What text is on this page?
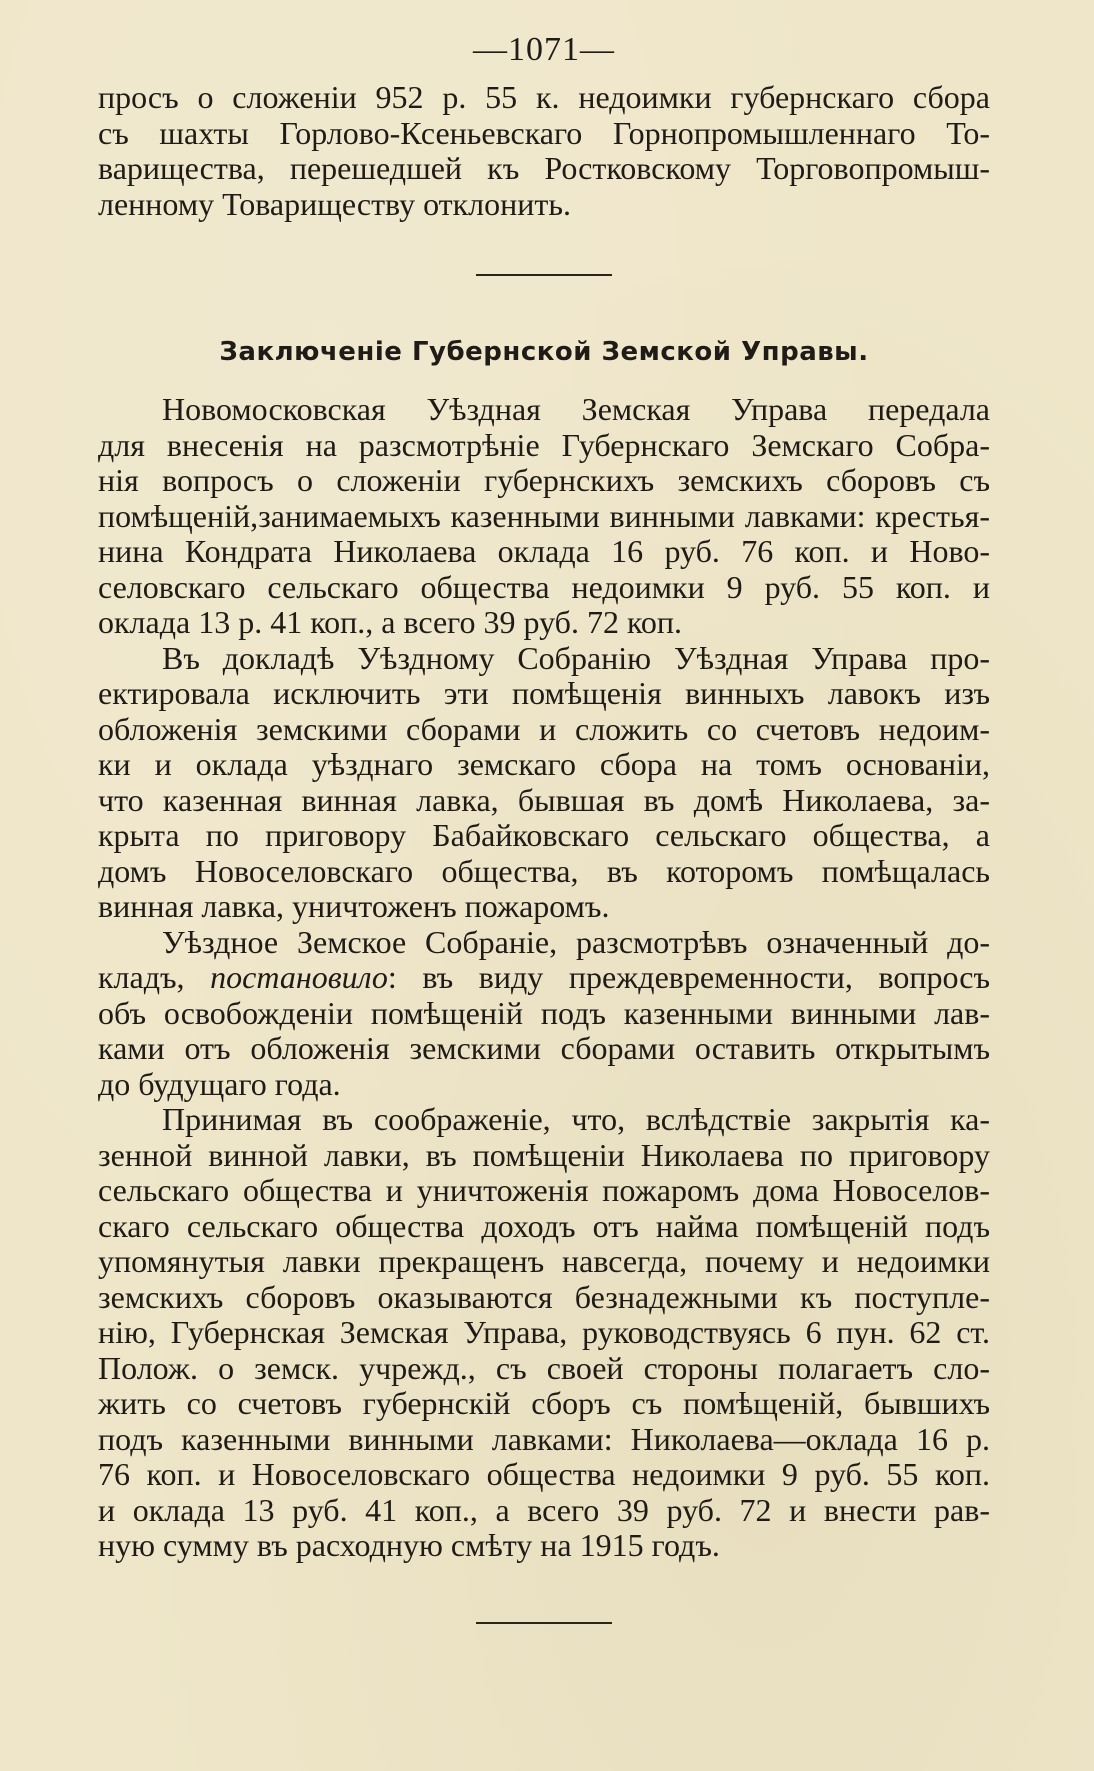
—1071—
просъ о сложенiи 952 р. 55 к. недоимки губернскаго сбора
съ шахты Горлово-Ксеньевскаго Горнопромышленнаго То-
варищества, перешедшей къ Ростковскому Торговопромыш-
ленному Товариществу отклонить.
Заключенiе Губернской Земской Управы.
Новомосковская Уѣздная Земская Управа передала
для внесенiя на разсмотрѣнiе Губернскаго Земскаго Собра-
нiя вопросъ о сложенiи губернскихъ земскихъ сборовъ съ
помѣщенiй,занимаемыхъ казенными винными лавками: крестья-
нина Кондрата Николаева оклада 16 руб. 76 коп. и Ново-
селовскаго сельскаго общества недоимки 9 руб. 55 коп. и
оклада 13 р. 41 коп., а всего 39 руб. 72 коп.
Въ докладѣ Уѣздному Собранiю Уѣздная Управа про-
ектировала исключить эти помѣщенiя винныхъ лавокъ изъ
обложенiя земскими сборами и сложить со счетовъ недоим-
ки и оклада уѣзднаго земскаго сбора на томъ основанiи,
что казенная винная лавка, бывшая въ домѣ Николаева, за-
крыта по приговору Бабайковскаго сельскаго общества, а
домъ Новоселовскаго общества, въ которомъ помѣщалась
винная лавка, уничтоженъ пожаромъ.
Уѣздное Земское Собранiе, разсмотрѣвъ означенный до-
кладъ, постановило: въ виду преждевременности, вопросъ
объ освобожденiи помѣщенiй подъ казенными винными лав-
ками отъ обложенiя земскими сборами оставить открытымъ
до будущаго года.
Принимая въ соображенiе, что, вслѣдствiе закрытiя ка-
зенной винной лавки, въ помѣщенiи Николаева по приговору
сельскаго общества и уничтоженiя пожаромъ дома Новоселов-
скаго сельскаго общества доходъ отъ найма помѣщенiй подъ
упомянутыя лавки прекращенъ навсегда, почему и недоимки
земскихъ сборовъ оказываются безнадежными къ поступле-
нiю, Губернская Земская Управа, руководствуясь 6 пун. 62 ст.
Полож. о земск. учрежд., съ своей стороны полагаетъ сло-
жить со счетовъ губернскiй сборъ съ помѣщенiй, бывшихъ
подъ казенными винными лавками: Николаева—оклада 16 р.
76 коп. и Новоселовскаго общества недоимки 9 руб. 55 коп.
и оклада 13 руб. 41 коп., а всего 39 руб. 72 и внести рав-
ную сумму въ расходную смѣту на 1915 годъ.
